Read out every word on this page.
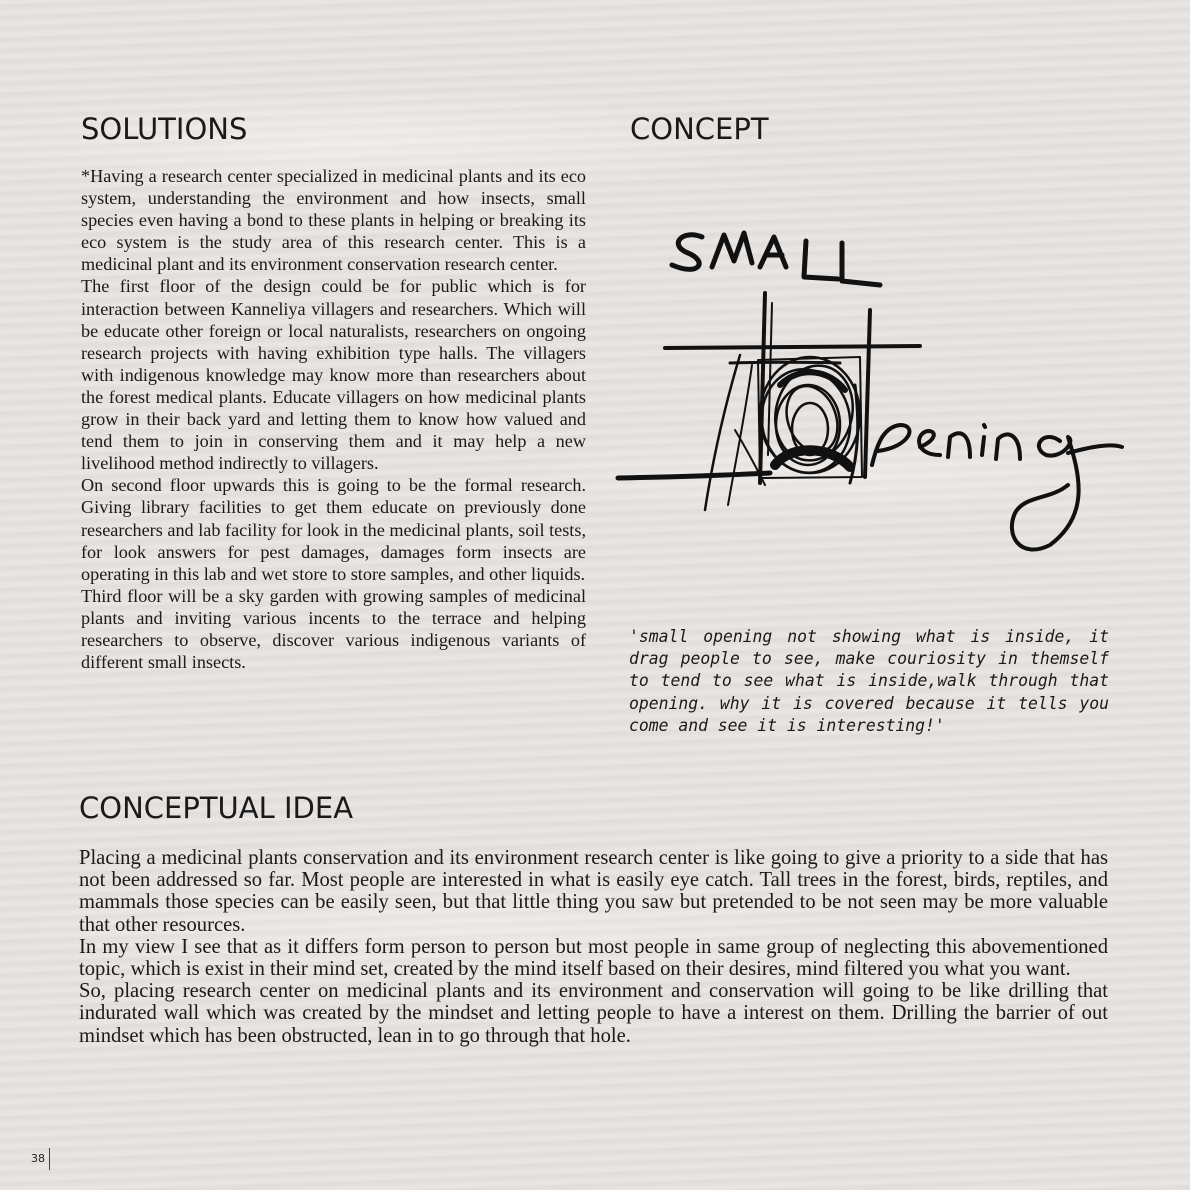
SOLUTIONS

*Having a research center specialized in medicinal plants and its eco system, understanding the environment and how insects, small species even having a bond to these plants in helping or breaking its eco system is the study area of this research center. This is a medicinal plant and its environment conservation research center.

The first floor of the design could be for public which is for interaction between Kanneliya villagers and researchers. Which will be educate other foreign or local naturalists, researchers on ongoing research projects with having exhibition type halls. The villagers with indigenous knowledge may know more than researchers about the forest medical plants. Educate villagers on how medicinal plants grow in their back yard and letting them to know how valued and tend them to join in conserving them and it may help a new livelihood method indirectly to villagers.

On second floor upwards this is going to be the formal research. Giving library facilities to get them educate on previously done researchers and lab facility for look in the medicinal plants, soil tests, for look answers for pest damages, damages form insects are operating in this lab and wet store to store samples, and other liquids.

Third floor will be a sky garden with growing samples of medicinal plants and inviting various incents to the terrace and helping researchers to observe, discover various indigenous variants of different small insects.

CONCEPT

'small opening not showing what is inside, it drag people to see, make couriosity in themself to tend to see what is inside,walk through that opening. why it is covered because it tells you come and see it is interesting!'

CONCEPTUAL IDEA

Placing a medicinal plants conservation and its environment research center is like going to give a priority to a side that has not been addressed so far. Most people are interested in what is easily eye catch. Tall trees in the forest, birds, reptiles, and mammals those species can be easily seen, but that little thing you saw but pretended to be not seen may be more valuable that other resources.

In my view I see that as it differs form person to person but most people in same group of neglecting this abovementioned topic, which is exist in their mind set, created by the mind itself based on their desires, mind filtered you what you want.

So, placing research center on medicinal plants and its environment and conservation will going to be like drilling that indurated wall which was created by the mindset and letting people to have a interest on them. Drilling the barrier of out mindset which has been obstructed, lean in to go through that hole.

38
